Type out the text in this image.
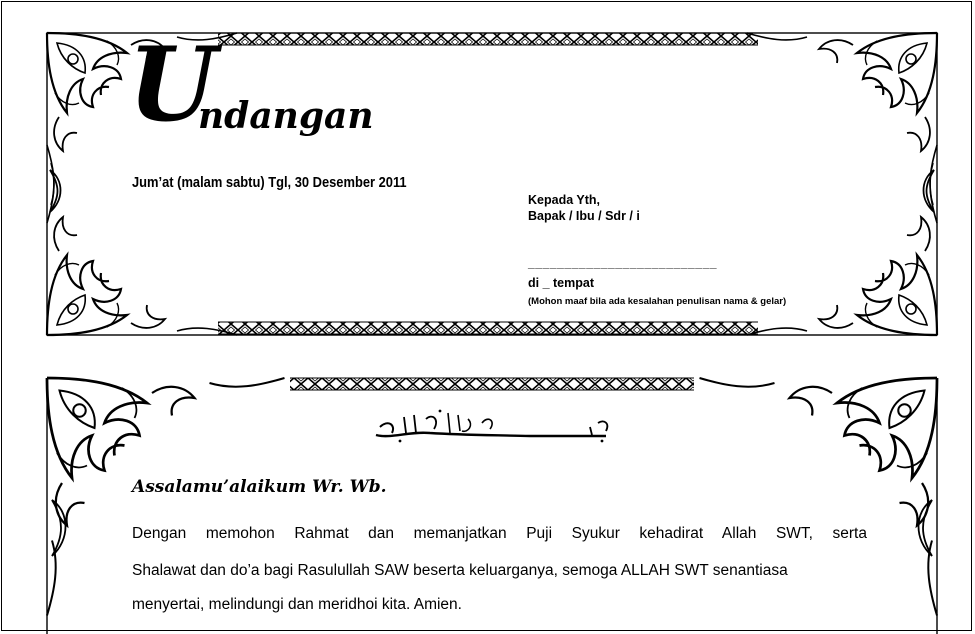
U
ndangan
Jum’at (malam sabtu) Tgl, 30 Desember 2011
Kepada Yth,
Bapak / Ibu / Sdr / i
__________________________
di _ tempat
(Mohon maaf bila ada kesalahan penulisan nama & gelar)
Assalamu’alaikum Wr. Wb.
Dengan memohon Rahmat dan memanjatkan Puji Syukur kehadirat Allah SWT, serta
Shalawat dan do’a bagi Rasulullah SAW beserta keluarganya, semoga ALLAH SWT senantiasa
menyertai, melindungi dan meridhoi kita. Amien.
